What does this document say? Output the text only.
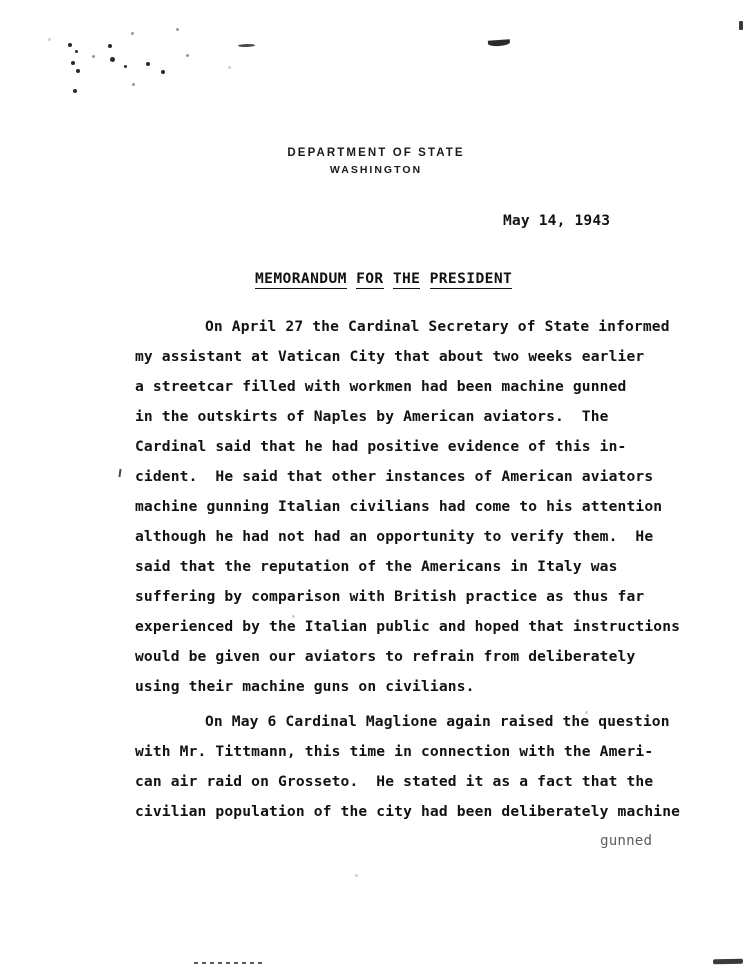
DEPARTMENT OF STATE
WASHINGTON
May 14, 1943
MEMORANDUM FOR THE PRESIDENT
On April 27 the Cardinal Secretary of State informed
my assistant at Vatican City that about two weeks earlier
a streetcar filled with workmen had been machine gunned
in the outskirts of Naples by American aviators.  The
Cardinal said that he had positive evidence of this in-
cident.  He said that other instances of American aviators
machine gunning Italian civilians had come to his attention
although he had not had an opportunity to verify them.  He
said that the reputation of the Americans in Italy was
suffering by comparison with British practice as thus far
experienced by the Italian public and hoped that instructions
would be given our aviators to refrain from deliberately
using their machine guns on civilians.
On May 6 Cardinal Maglione again raised the question
with Mr. Tittmann, this time in connection with the Ameri-
can air raid on Grosseto.  He stated it as a fact that the
civilian population of the city had been deliberately machine
gunned
